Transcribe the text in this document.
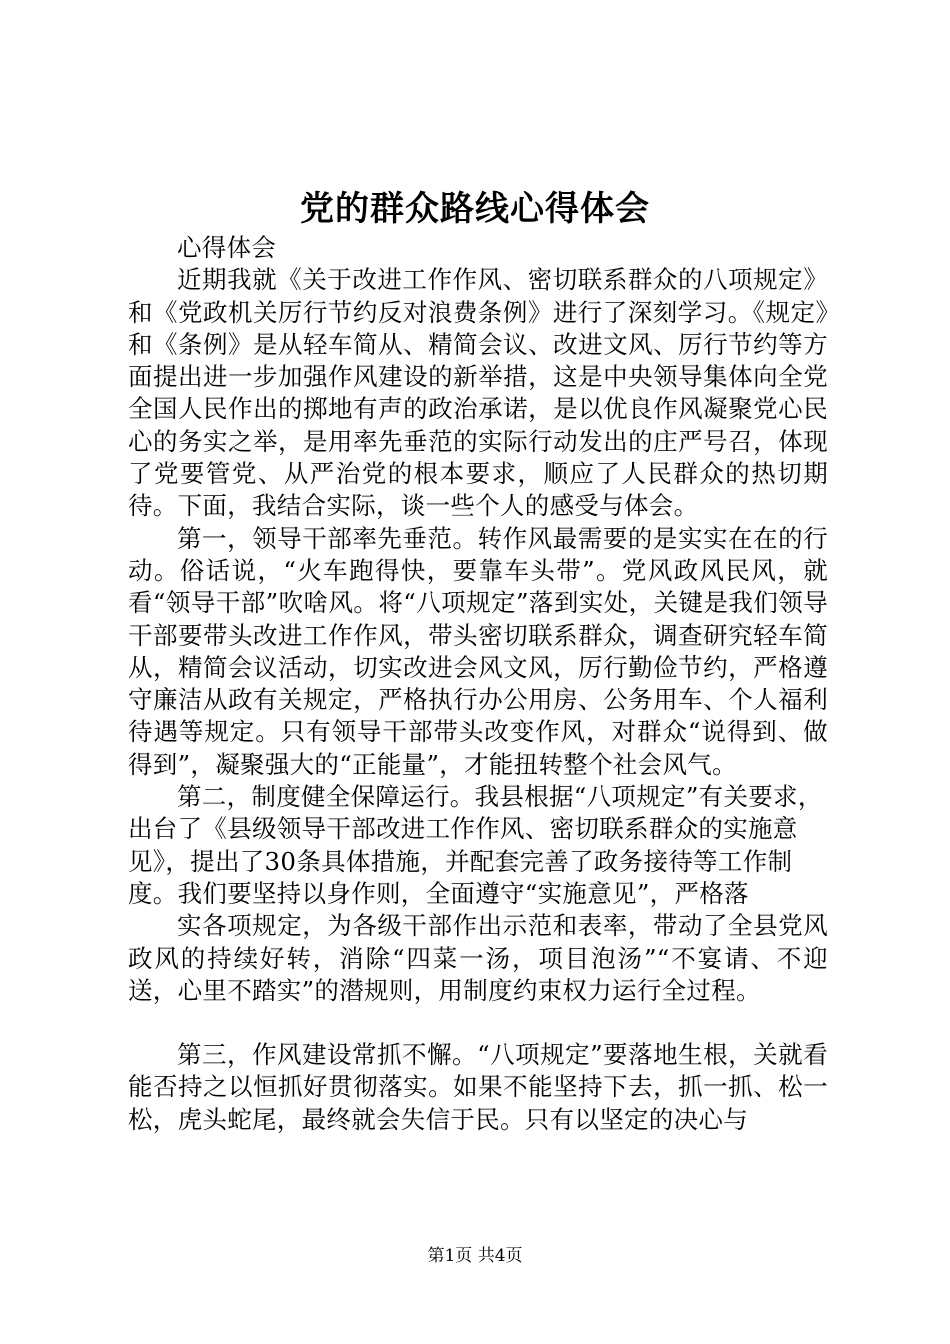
党的群众路线心得体会

心得体会

近期我就《关于改进工作作风、密切联系群众的八项规定》和《党政机关厉行节约反对浪费条例》进行了深刻学习。《规定》和《条例》是从轻车简从、精简会议、改进文风、厉行节约等方面提出进一步加强作风建设的新举措，这是中央领导集体向全党全国人民作出的掷地有声的政治承诺，是以优良作风凝聚党心民心的务实之举，是用率先垂范的实际行动发出的庄严号召，体现了党要管党、从严治党的根本要求，顺应了人民群众的热切期待。下面，我结合实际，谈一些个人的感受与体会。

第一，领导干部率先垂范。转作风最需要的是实实在在的行动。俗话说，“火车跑得快，要靠车头带”。党风政风民风，就看“领导干部”吹啥风。将“八项规定”落到实处，关键是我们领导干部要带头改进工作作风，带头密切联系群众，调查研究轻车简从，精简会议活动，切实改进会风文风，厉行勤俭节约，严格遵守廉洁从政有关规定，严格执行办公用房、公务用车、个人福利待遇等规定。只有领导干部带头改变作风，对群众“说得到、做得到”，凝聚强大的“正能量”，才能扭转整个社会风气。

第二，制度健全保障运行。我县根据“八项规定”有关要求，出台了《县级领导干部改进工作作风、密切联系群众的实施意见》，提出了30条具体措施，并配套完善了政务接待等工作制度。我们要坚持以身作则，全面遵守“实施意见”，严格落

实各项规定，为各级干部作出示范和表率，带动了全县党风政风的持续好转，消除“四菜一汤，项目泡汤”“不宴请、不迎送，心里不踏实”的潜规则，用制度约束权力运行全过程。

第三，作风建设常抓不懈。“八项规定”要落地生根，关就看能否持之以恒抓好贯彻落实。如果不能坚持下去，抓一抓、松一松，虎头蛇尾，最终就会失信于民。只有以坚定的决心与

第1页 共4页
